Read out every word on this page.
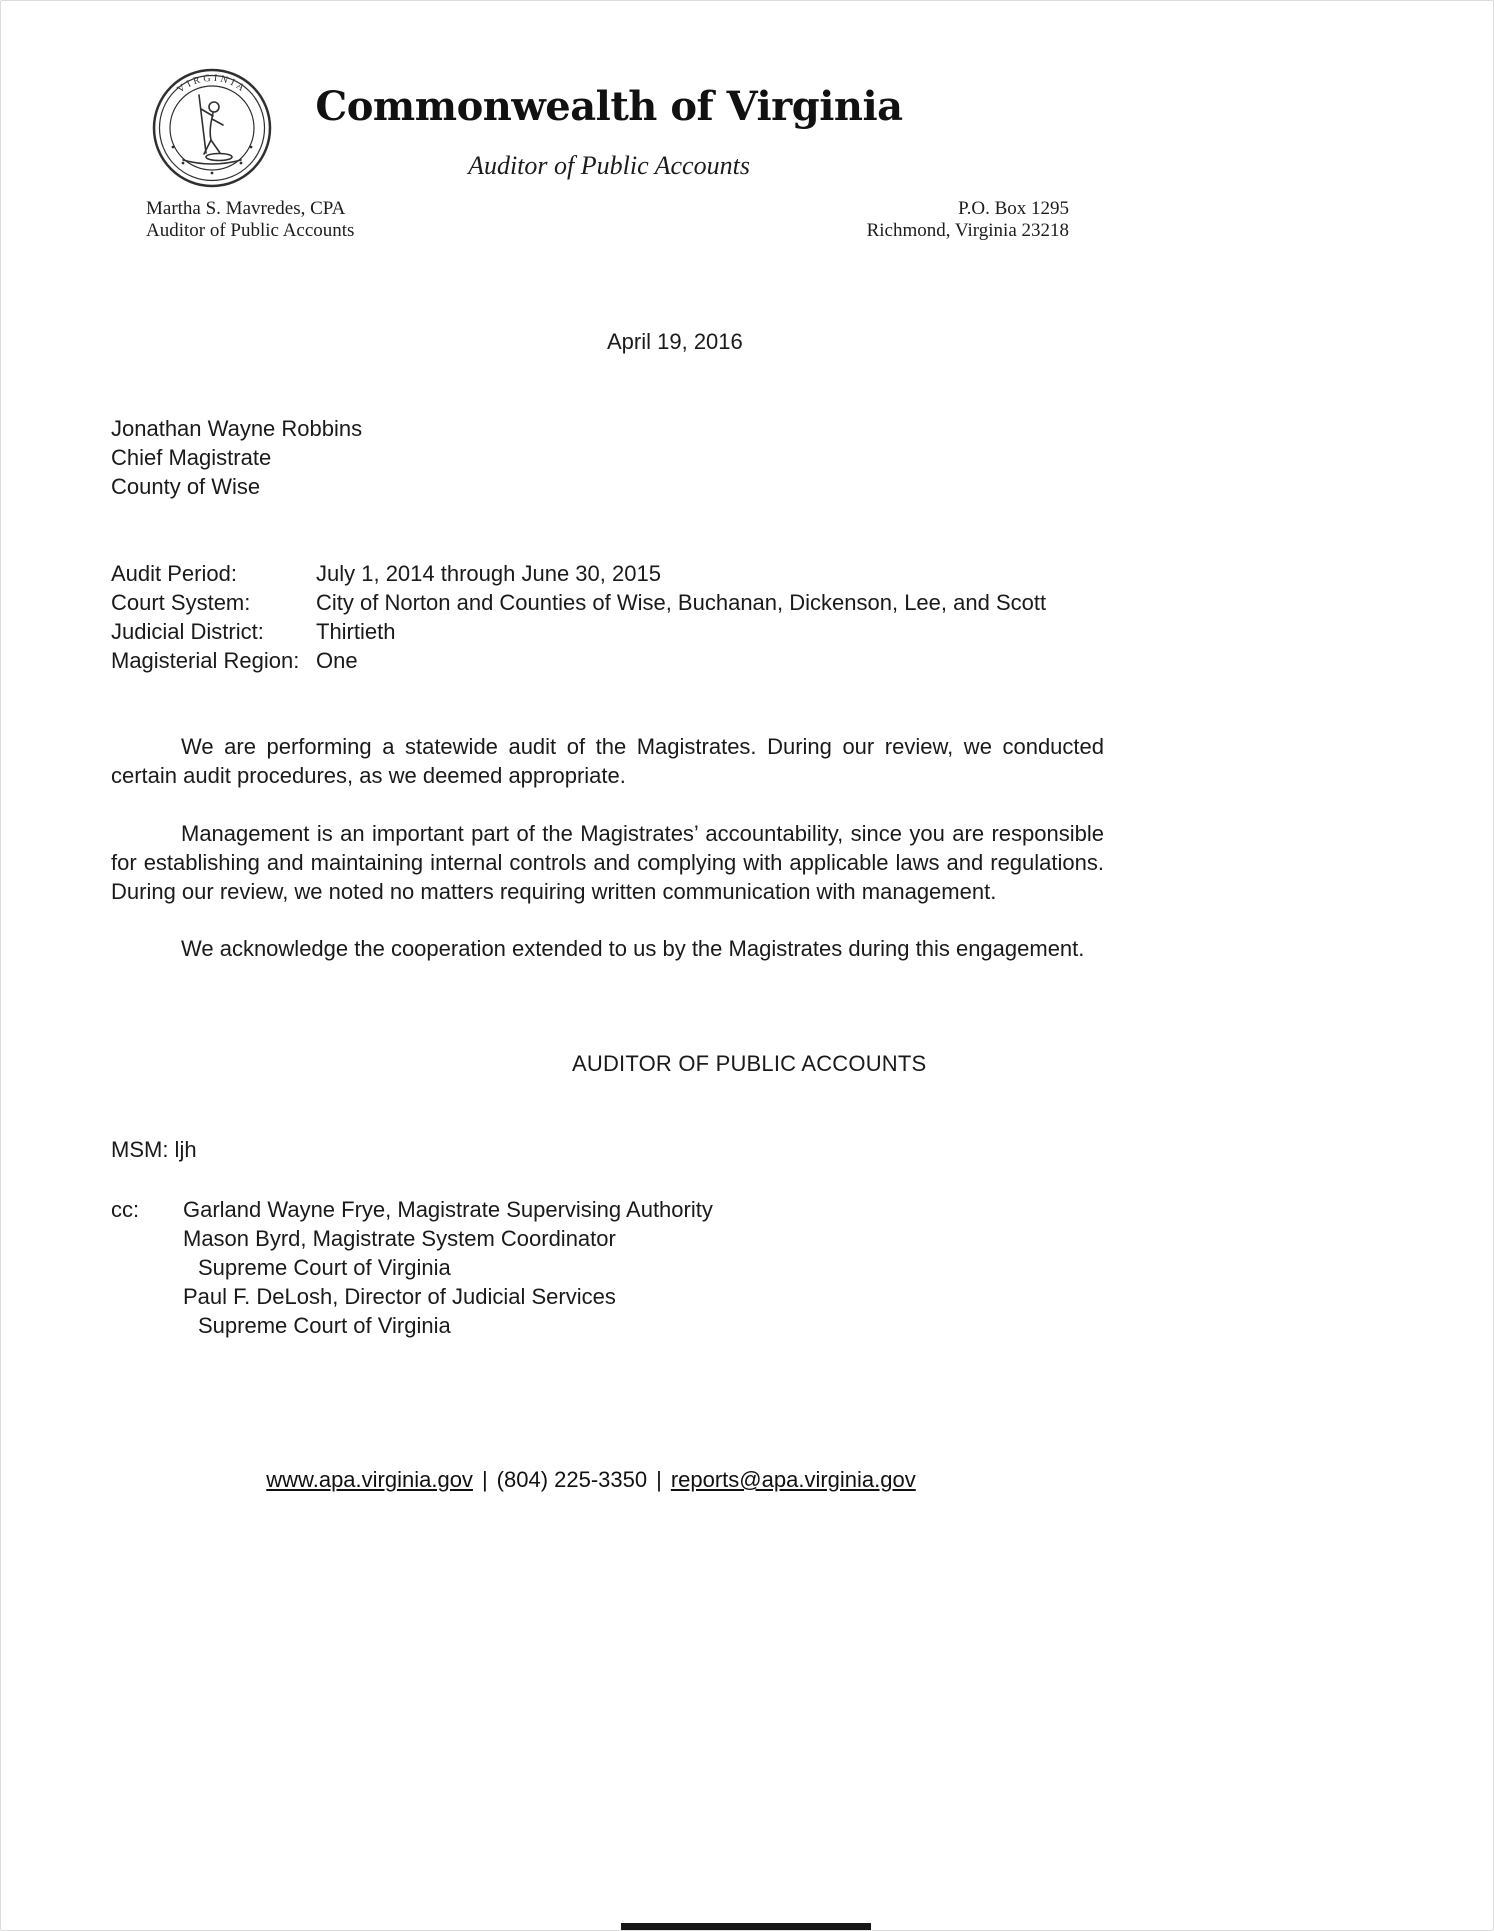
VIRGINIA Commonwealth of Virginia
Auditor of Public Accounts
Martha S. Mavredes, CPA
Auditor of Public Accounts
P.O. Box 1295
Richmond, Virginia 23218
April 19, 2016
Jonathan Wayne Robbins
Chief Magistrate
County of Wise
Audit Period:	July 1, 2014 through June 30, 2015
Court System:	City of Norton and Counties of Wise, Buchanan, Dickenson, Lee, and Scott
Judicial District:	Thirtieth
Magisterial Region: One
We are performing a statewide audit of the Magistrates. During our review, we conducted certain audit procedures, as we deemed appropriate.
Management is an important part of the Magistrates’ accountability, since you are responsible for establishing and maintaining internal controls and complying with applicable laws and regulations. During our review, we noted no matters requiring written communication with management.
We acknowledge the cooperation extended to us by the Magistrates during this engagement.
AUDITOR OF PUBLIC ACCOUNTS
MSM: ljh
cc:	Garland Wayne Frye, Magistrate Supervising Authority
Mason Byrd, Magistrate System Coordinator
Supreme Court of Virginia
Paul F. DeLosh, Director of Judicial Services
Supreme Court of Virginia
www.apa.virginia.gov | (804) 225-3350 | reports@apa.virginia.gov
